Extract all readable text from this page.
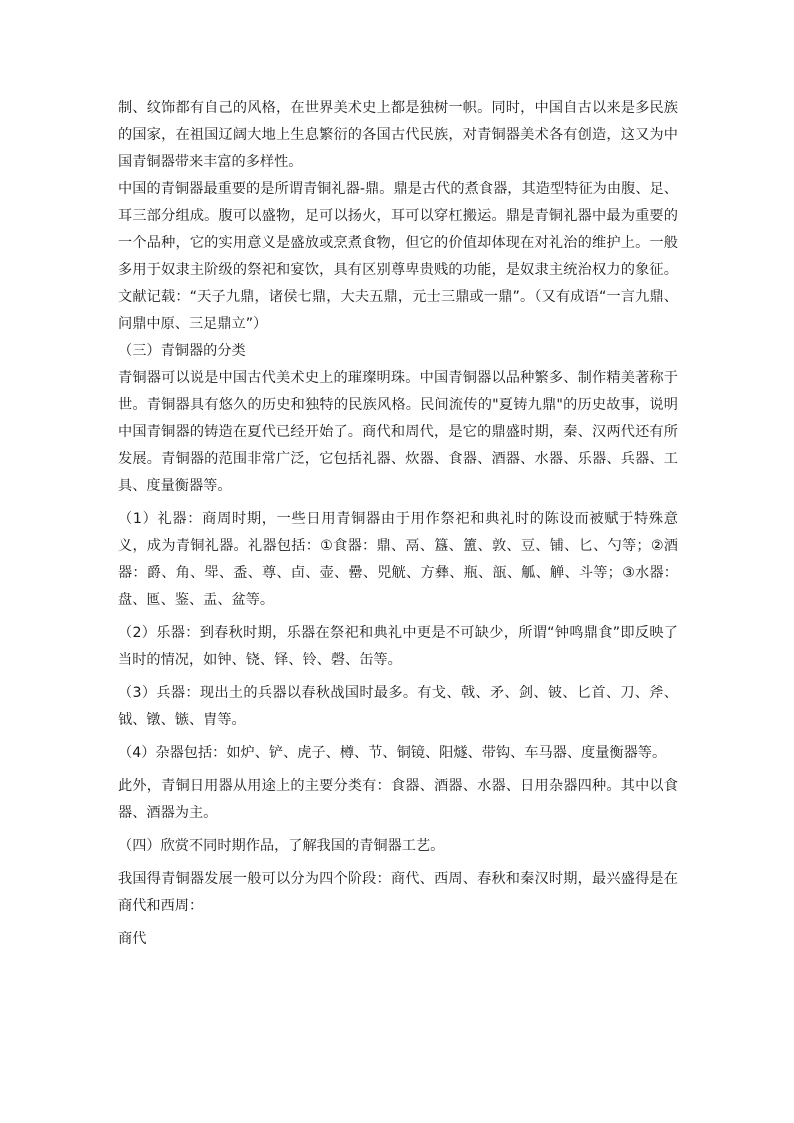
制、纹饰都有自己的风格，在世界美术史上都是独树一帜。同时，中国自古以来是多民族的国家，在祖国辽阔大地上生息繁衍的各国古代民族，对青铜器美术各有创造，这又为中国青铜器带来丰富的多样性。

中国的青铜器最重要的是所谓青铜礼器-鼎。鼎是古代的煮食器，其造型特征为由腹、足、耳三部分组成。腹可以盛物，足可以扬火，耳可以穿杠搬运。鼎是青铜礼器中最为重要的一个品种，它的实用意义是盛放或烹煮食物，但它的价值却体现在对礼治的维护上。一般多用于奴隶主阶级的祭祀和宴饮，具有区别尊卑贵贱的功能，是奴隶主统治权力的象征。文献记载：“天子九鼎，诸侯七鼎，大夫五鼎，元士三鼎或一鼎”。（又有成语“一言九鼎、问鼎中原、三足鼎立”）

（三）青铜器的分类

青铜器可以说是中国古代美术史上的璀璨明珠。中国青铜器以品种繁多、制作精美著称于世。青铜器具有悠久的历史和独特的民族风格。民间流传的"夏铸九鼎"的历史故事，说明中国青铜器的铸造在夏代已经开始了。商代和周代，是它的鼎盛时期，秦、汉两代还有所发展。青铜器的范围非常广泛，它包括礼器、炊器、食器、酒器、水器、乐器、兵器、工具、度量衡器等。

（1）礼器：商周时期，一些日用青铜器由于用作祭祀和典礼时的陈设而被赋于特殊意义，成为青铜礼器。礼器包括：①食器：鼎、鬲、簋、簠、敦、豆、铺、匕、勺等；②酒器：爵、角、斝、盉、尊、卣、壶、罍、兕觥、方彝、瓶、瓿、觚、觯、斗等；③水器：盘、匜、鉴、盂、盆等。

（2）乐器：到春秋时期，乐器在祭祀和典礼中更是不可缺少，所谓“钟鸣鼎食”即反映了当时的情况，如钟、铙、铎、铃、磬、缶等。

（3）兵器：现出土的兵器以春秋战国时最多。有戈、戟、矛、剑、铍、匕首、刀、斧、钺、镦、镞、胄等。

（4）杂器包括：如炉、铲、虎子、樽、节、铜镜、阳燧、带钩、车马器、度量衡器等。

此外，青铜日用器从用途上的主要分类有：食器、酒器、水器、日用杂器四种。其中以食器、酒器为主。

（四）欣赏不同时期作品，了解我国的青铜器工艺。

我国得青铜器发展一般可以分为四个阶段：商代、西周、春秋和秦汉时期，最兴盛得是在商代和西周：

商代
